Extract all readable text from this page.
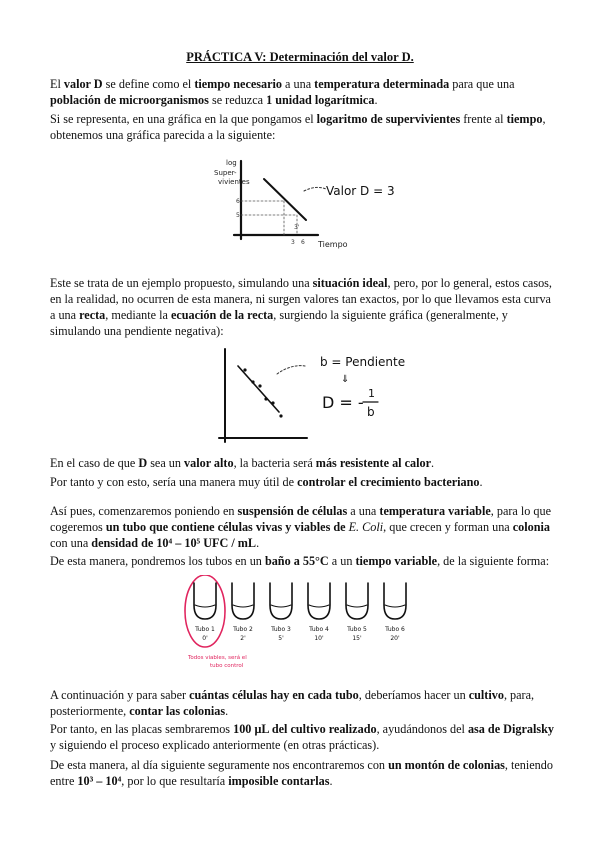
PRÁCTICA V: Determinación del valor D.

El valor D se define como el tiempo necesario a una temperatura determinada para que una población de microorganismos se reduzca 1 unidad logarítmica.

Si se representa, en una gráfica en la que pongamos el logaritmo de supervivientes frente al tiempo, obtenemos una gráfica parecida a la siguiente:

log
Super-
vivientes
6
5
3'
3 6 Tiempo
Valor D = 3

Este se trata de un ejemplo propuesto, simulando una situación ideal, pero, por lo general, estos casos, en la realidad, no ocurren de esta manera, ni surgen valores tan exactos, por lo que llevamos esta curva a una recta, mediante la ecuación de la recta, surgiendo la siguiente gráfica (generalmente, y simulando una pendiente negativa):

b = Pendiente
⇓
D = - 1
b

En el caso de que D sea un valor alto, la bacteria será más resistente al calor.

Por tanto y con esto, sería una manera muy útil de controlar el crecimiento bacteriano.

Así pues, comenzaremos poniendo en suspensión de células a una temperatura variable, para lo que cogeremos un tubo que contiene células vivas y viables de E. Coli, que crecen y forman una colonia con una densidad de 10⁴ – 10⁵ UFC / mL.

De esta manera, pondremos los tubos en un baño a 55°C a un tiempo variable, de la siguiente forma:

Tubo 1
0'
Tubo 2
2'
Tubo 3
5'
Tubo 4
10'
Tubo 5
15'
Tubo 6
20'
Todos viables, será el
tubo control

A continuación y para saber cuántas células hay en cada tubo, deberíamos hacer un cultivo, para, posteriormente, contar las colonias.

Por tanto, en las placas sembraremos 100 μL del cultivo realizado, ayudándonos del asa de Digralsky y siguiendo el proceso explicado anteriormente (en otras prácticas).

De esta manera, al día siguiente seguramente nos encontraremos con un montón de colonias, teniendo entre 10³ – 10⁴, por lo que resultaría imposible contarlas.
